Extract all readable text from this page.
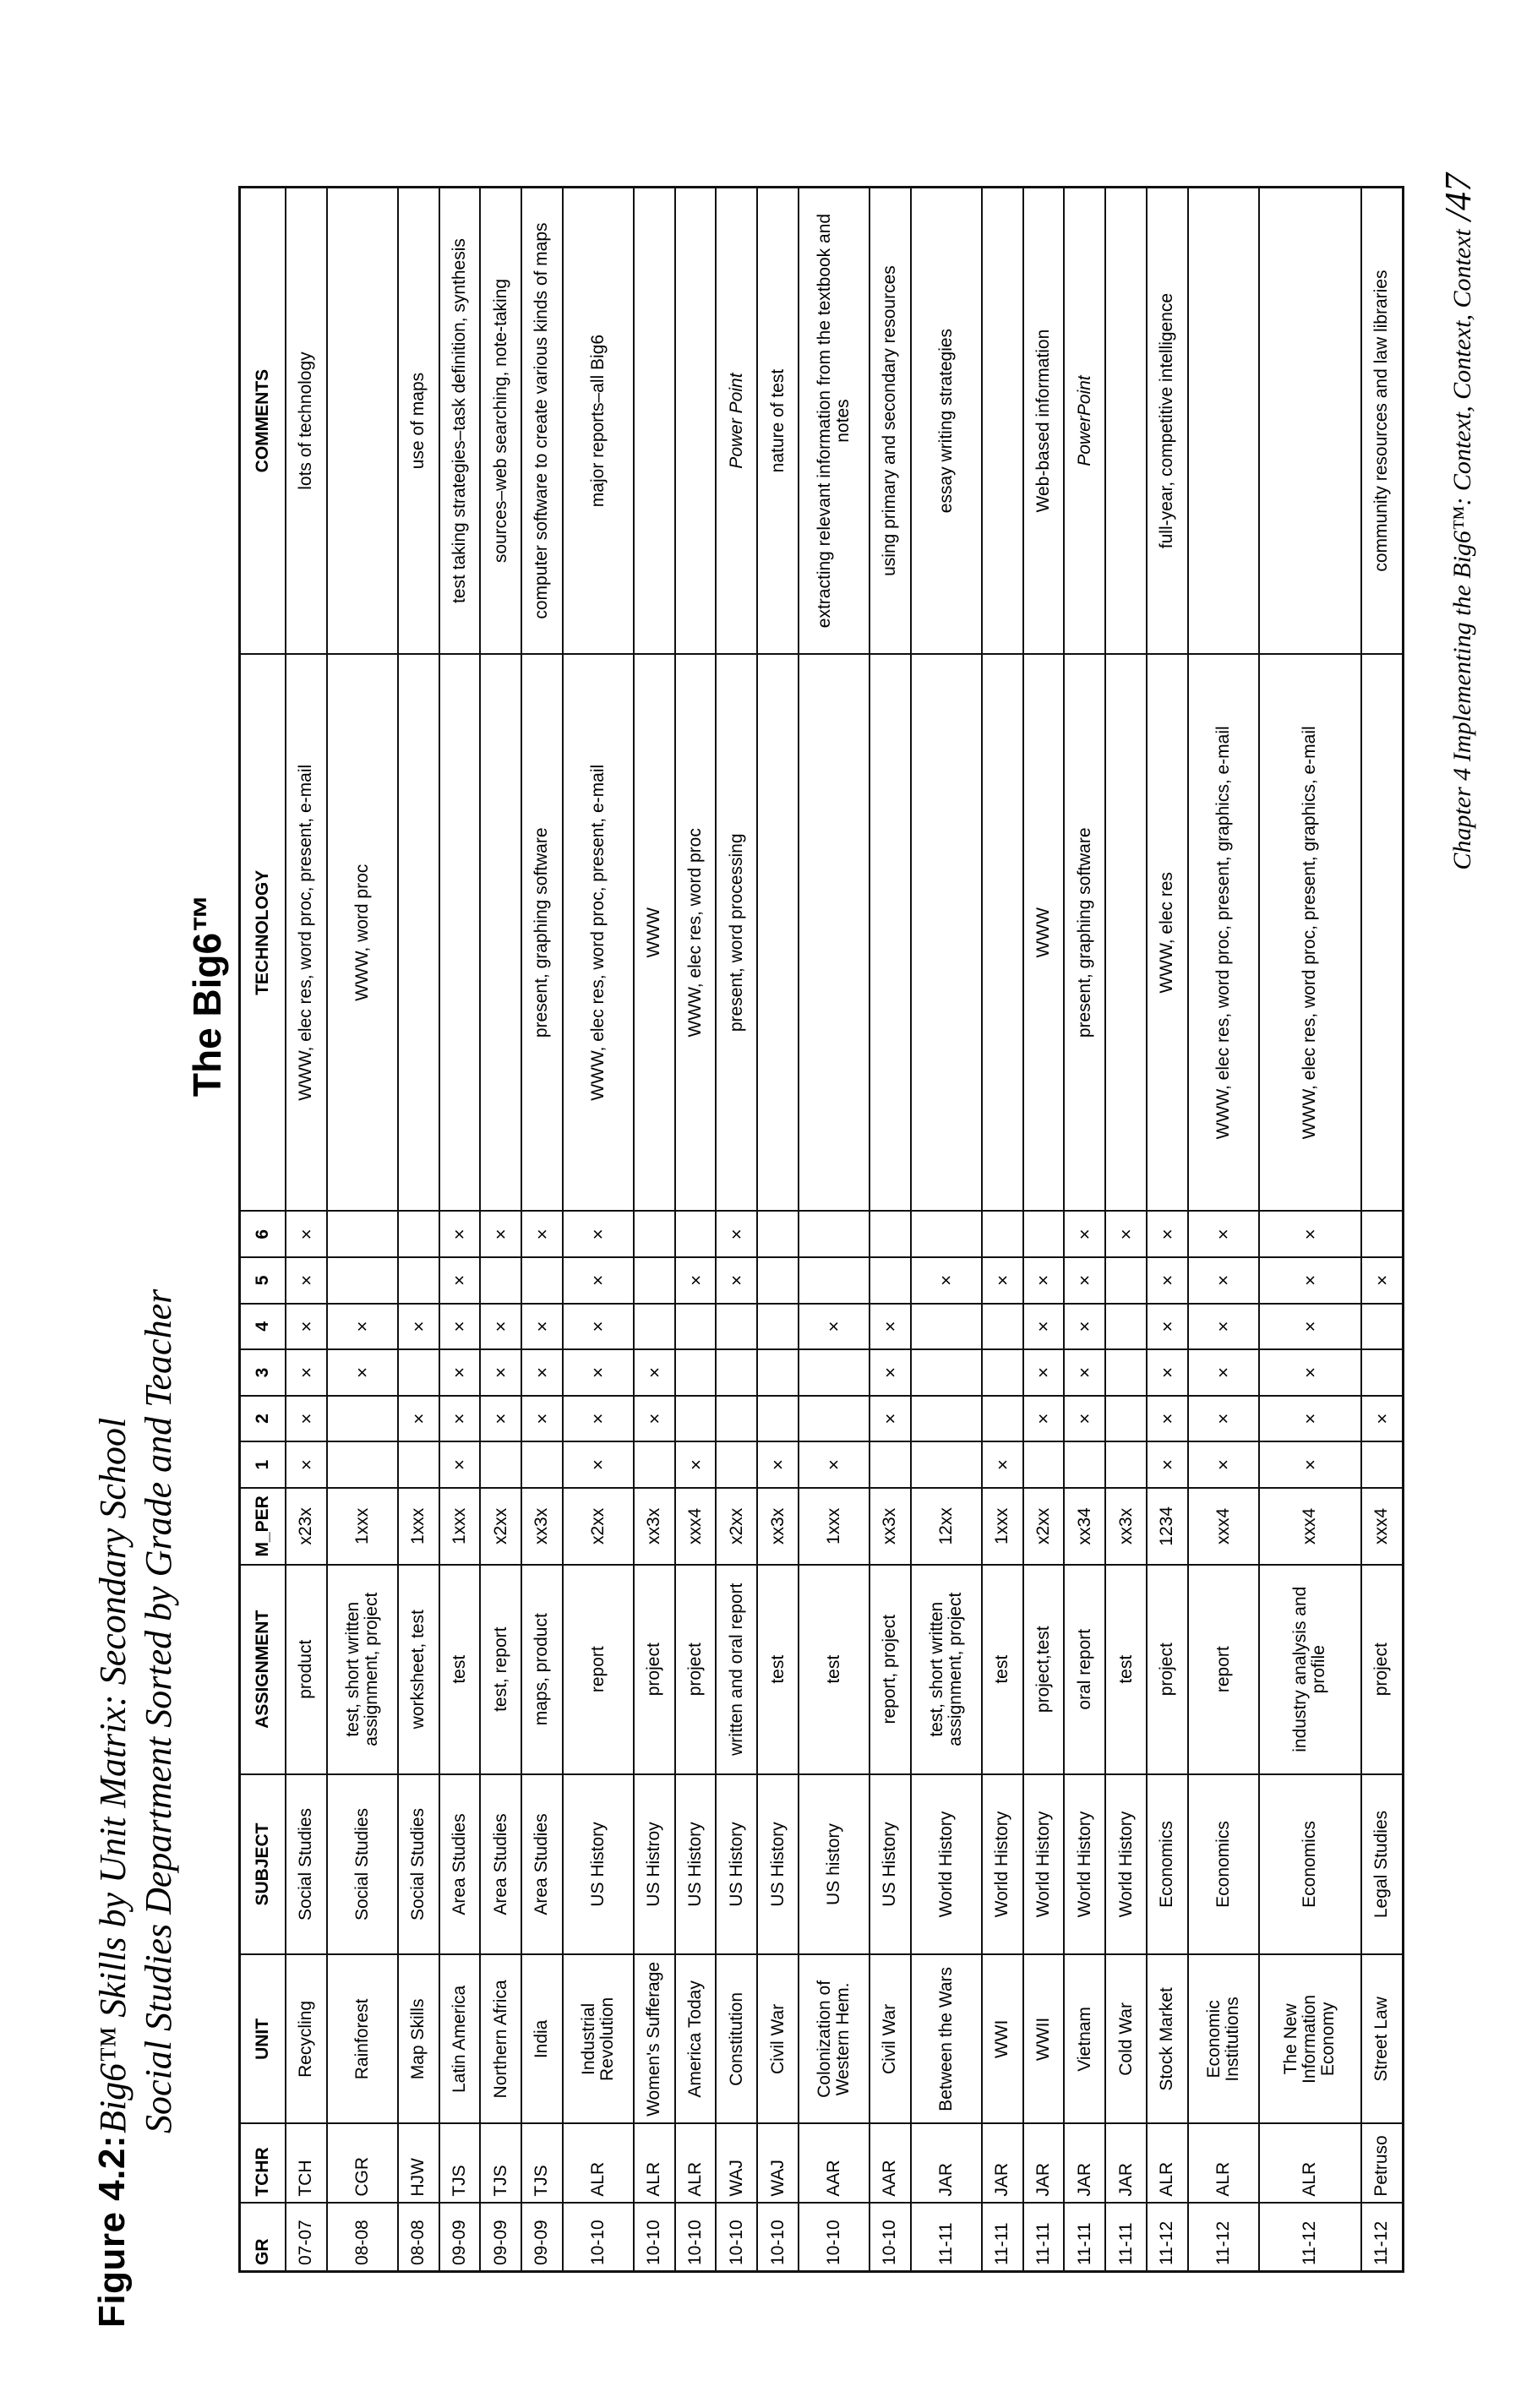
Figure 4.2:
Big6™ Skills by Unit Matrix: Secondary School Social Studies Department Sorted by Grade and Teacher
The Big6™
GR	TCHR	UNIT	SUBJECT	ASSIGNMENT	M_PER	1	2	3	4	5	6	TECHNOLOGY	COMMENTS
07-07	TCH	Recycling	Social Studies	product	x23x	×	×	×	×	×	×	WWW, elec res, word proc, present, e-mail	lots of technology
08-08	CGR	Rainforest	Social Studies	test, short written assignment, project	1xxx			×	×			WWW, word proc	
08-08	HJW	Map Skills	Social Studies	worksheet, test	1xxx		×		×				use of maps
09-09	TJS	Latin America	Area Studies	test	1xxx	×	×	×	×	×	×		test taking strategies–task definition, synthesis
09-09	TJS	Northern Africa	Area Studies	test, report	x2xx		×	×	×		×		sources–web searching, note-taking
09-09	TJS	India	Area Studies	maps, product	xx3x		×	×	×		×	present, graphing software	computer software to create various kinds of maps
10-10	ALR	Industrial Revolution	US History	report	x2xx	×	×	×	×	×	×	WWW, elec res, word proc, present, e-mail	major reports–all Big6
10-10	ALR	Women's Sufferage	US Histroy	project	xx3x		×	×				WWW	
10-10	ALR	America Today	US History	project	xxx4	×				×		WWW, elec res, word proc	
10-10	WAJ	Constitution	US History	written and oral report	x2xx					×	×	present, word processing	Power Point
10-10	WAJ	Civil War	US History	test	xx3x	×							nature of test
10-10	AAR	Colonization of Western Hem.	US history	test	1xxx	×			×				extracting relevant information from the textbook and notes
10-10	AAR	Civil War	US History	report, project	xx3x		×	×	×				using primary and secondary resources
11-11	JAR	Between the Wars	World History	test, short written assignment, project	12xx					×			essay writing strategies
11-11	JAR	WWI	World History	test	1xxx	×				×			
11-11	JAR	WWII	World History	project,test	x2xx		×	×	×	×		WWW	Web-based information
11-11	JAR	Vietnam	World History	oral report	xx34		×	×	×	×	×	present, graphing software	PowerPoint
11-11	JAR	Cold War	World History	test	xx3x						×		
11-12	ALR	Stock Market	Economics	project	1234	×	×	×	×	×	×	WWW, elec res	full-year, competitive intelligence
11-12	ALR	Economic Institutions	Economics	report	xxx4	×	×	×	×	×	×	WWW, elec res, word proc, present, graphics, e-mail	
11-12	ALR	The New Information Economy	Economics	industry analysis and profile	xxx4	×	×	×	×	×	×	WWW, elec res, word proc, present, graphics, e-mail	
11-12	Petruso	Street Law	Legal Studies	project	xxx4		×			×			community resources and law libraries	Chapter 4 Implementing the Big6™: Context, Context, Context/47
